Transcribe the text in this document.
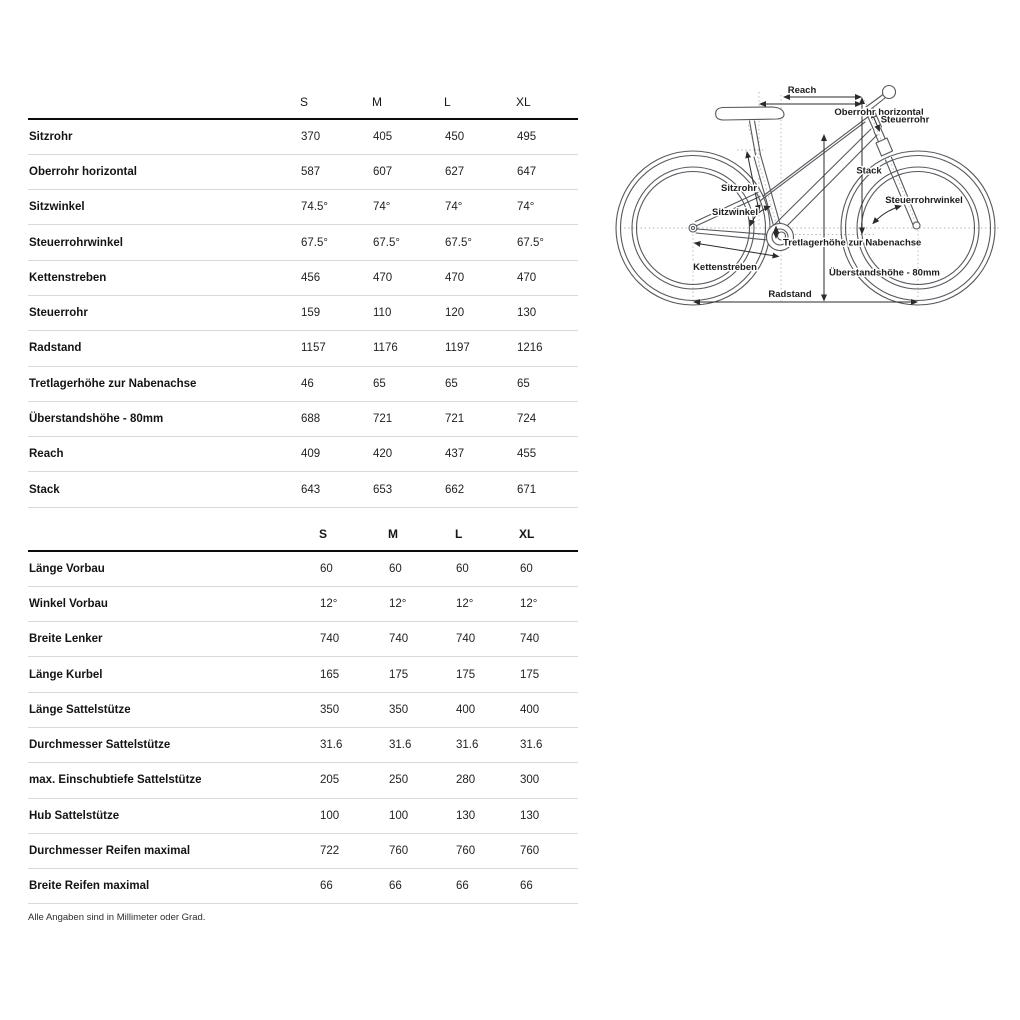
	S	M	L	XL
Sitzrohr	370	405	450	495
Oberrohr horizontal	587	607	627	647
Sitzwinkel	74.5°	74°	74°	74°
Steuerrohrwinkel	67.5°	67.5°	67.5°	67.5°
Kettenstreben	456	470	470	470
Steuerrohr	159	110	120	130
Radstand	1157	1176	1197	1216
Tretlagerhöhe zur Nabenachse	46	65	65	65
Überstandshöhe - 80mm	688	721	721	724
Reach	409	420	437	455
Stack	643	653	662	671
	S	M	L	XL
Länge Vorbau	60	60	60	60
Winkel Vorbau	12°	12°	12°	12°
Breite Lenker	740	740	740	740
Länge Kurbel	165	175	175	175
Länge Sattelstütze	350	350	400	400
Durchmesser Sattelstütze	31.6	31.6	31.6	31.6
max. Einschubtiefe Sattelstütze	205	250	280	300
Hub Sattelstütze	100	100	130	130
Durchmesser Reifen maximal	722	760	760	760
Breite Reifen maximal	66	66	66	66
Alle Angaben sind in Millimeter oder Grad.
Reach
Oberrohr horizontal
Steuerrohr
Stack
Sitzrohr
Sitzwinkel
Steuerrohrwinkel
Tretlagerhöhe zur Nabenachse
Kettenstreben	Überstandshöhe - 80mm
Radstand
